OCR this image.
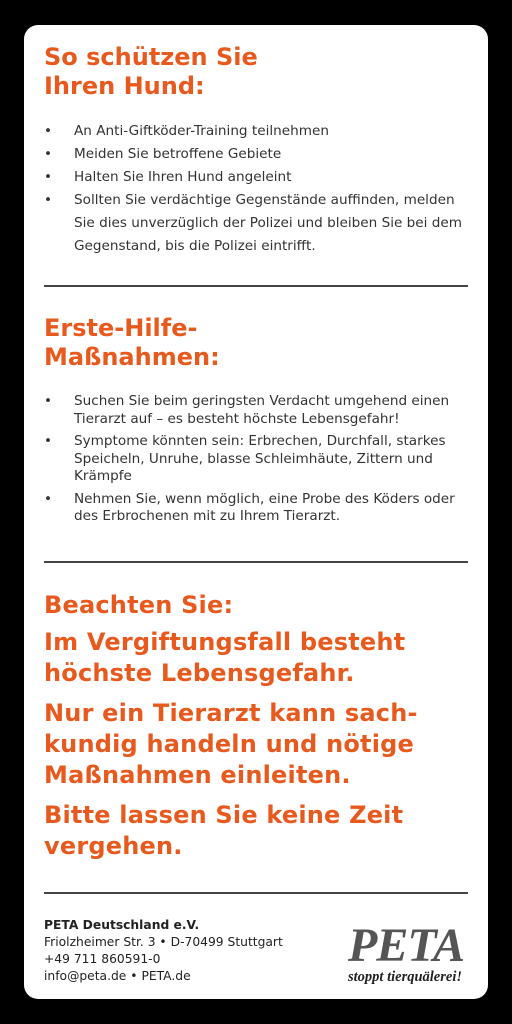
So schützen Sie
Ihren Hund:
• An Anti-Giftköder-Training teilnehmen
• Meiden Sie betroffene Gebiete
• Halten Sie Ihren Hund angeleint
• Sollten Sie verdächtige Gegenstände auffinden, melden Sie dies unverzüglich der Polizei und bleiben Sie bei dem Gegenstand, bis die Polizei eintrifft.
Erste-Hilfe-
Maßnahmen:
• Suchen Sie beim geringsten Verdacht umgehend einen Tierarzt auf – es besteht höchste Lebensgefahr!
• Symptome könnten sein: Erbrechen, Durchfall, starkes Speicheln, Unruhe, blasse Schleimhäute, Zittern und Krämpfe
• Nehmen Sie, wenn möglich, eine Probe des Köders oder des Erbrochenen mit zu Ihrem Tierarzt.
Beachten Sie:

Im Vergiftungsfall besteht
höchste Lebensgefahr.

Nur ein Tierarzt kann sach-
kundig handeln und nötige
Maßnahmen einleiten.

Bitte lassen Sie keine Zeit
vergehen.

PETA Deutschland e.V.
Friolzheimer Str. 3 • D-70499 Stuttgart
+49 711 860591-0
info@peta.de • PETA.de
PETA
stoppt tierquälerei!
